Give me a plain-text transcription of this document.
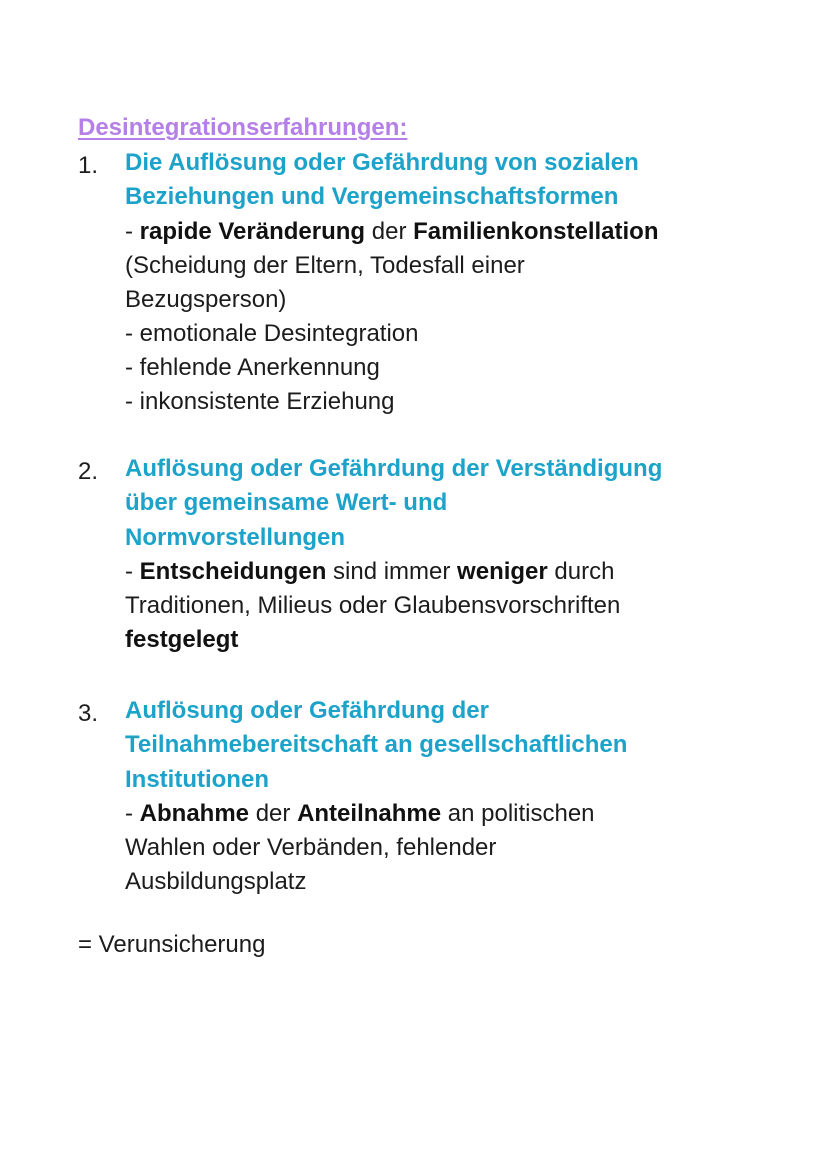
Desintegrationserfahrungen:
1. Die Auflösung oder Gefährdung von sozialen
Beziehungen und Vergemeinschaftsformen
- rapide Veränderung der Familienkonstellation
(Scheidung der Eltern, Todesfall einer
Bezugsperson)
- emotionale Desintegration
- fehlende Anerkennung
- inkonsistente Erziehung
2. Auflösung oder Gefährdung der Verständigung
über gemeinsame Wert- und
Normvorstellungen
- Entscheidungen sind immer weniger durch
Traditionen, Milieus oder Glaubensvorschriften
festgelegt
3. Auflösung oder Gefährdung der
Teilnahmebereitschaft an gesellschaftlichen
Institutionen
- Abnahme der Anteilnahme an politischen
Wahlen oder Verbänden, fehlender
Ausbildungsplatz
= Verunsicherung
